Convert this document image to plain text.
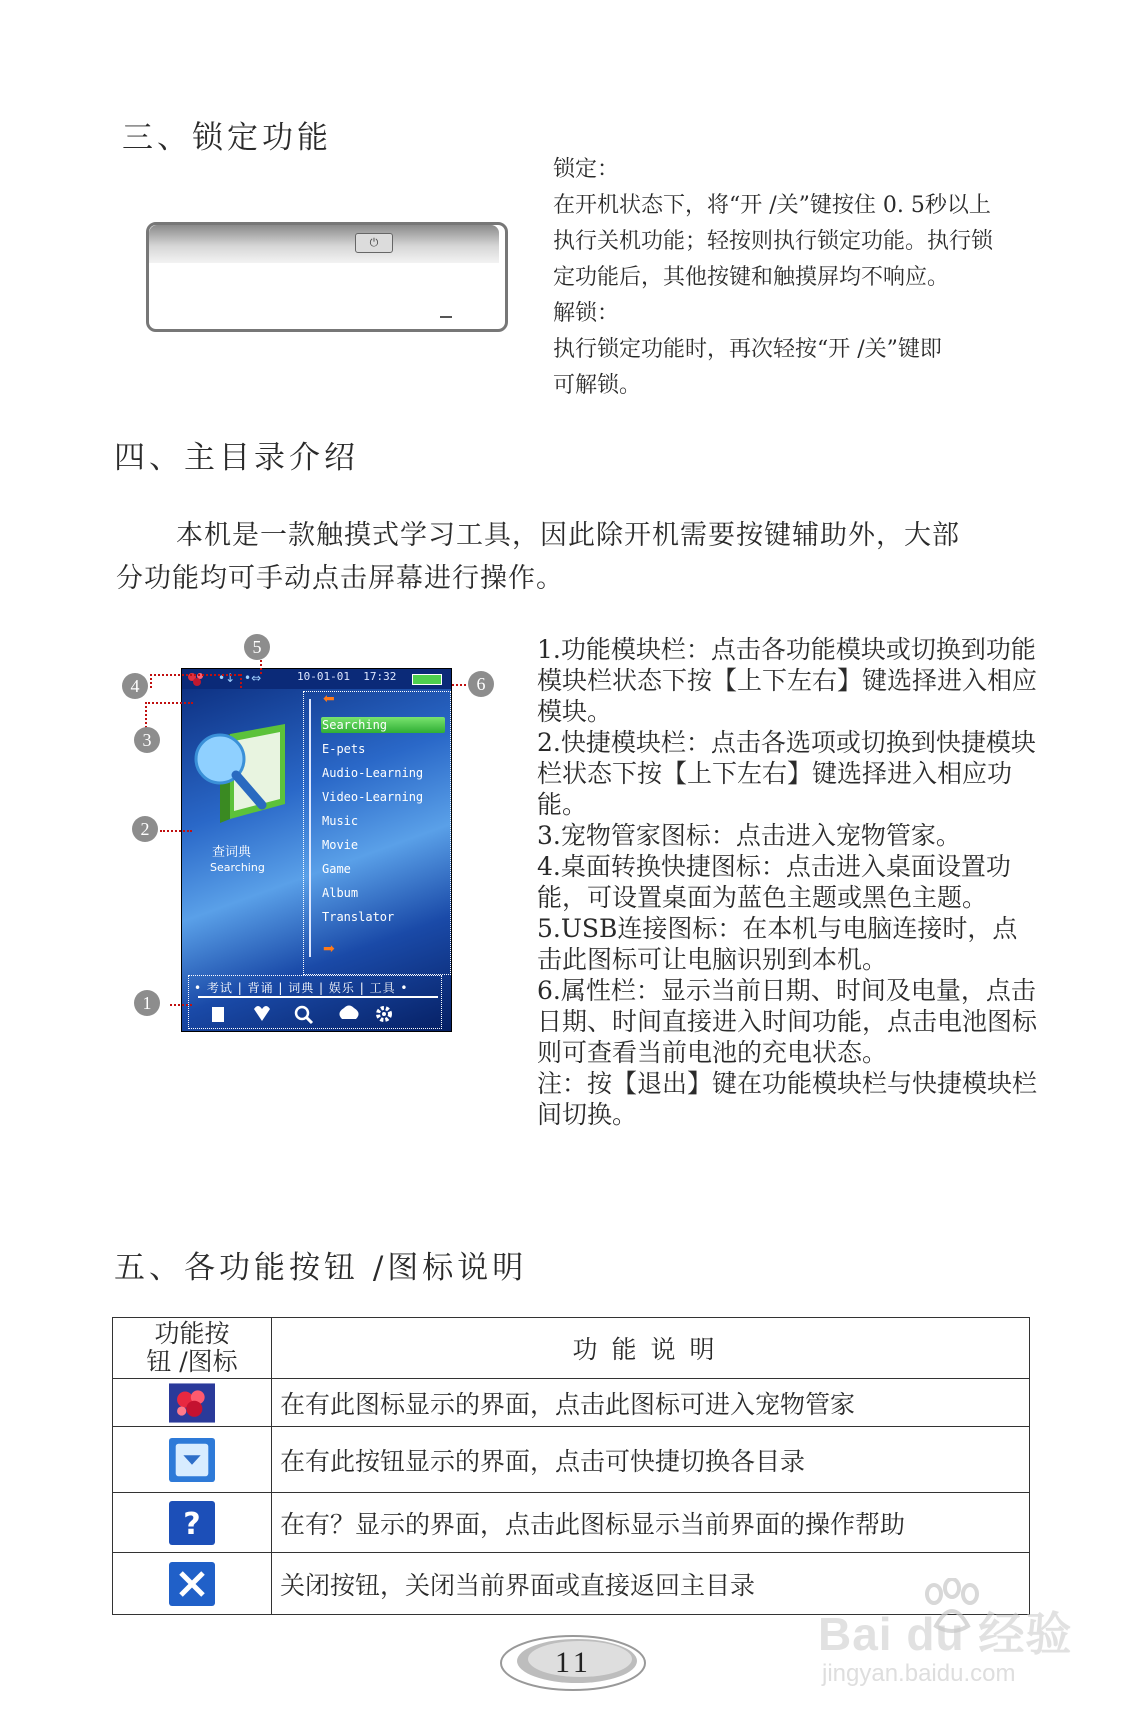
三、锁定功能
⏻
锁定：
在开机状态下，将“开 /关”键按住 0. 5秒以上
执行关机功能；轻按则执行锁定功能。执行锁
定功能后，其他按键和触摸屏均不响应。
解锁：
执行锁定功能时，再次轻按“开 /关”键即
可解锁。
四、主目录介绍
本机是一款触摸式学习工具，因此除开机需要按键辅助外，大部
分功能均可手动点击屏幕进行操作。
•↓ •⇔	10-01-01 17:32
⬅
Searching
E-pets
Audio-Learning
Video-Learning
Music
Movie
Game
Album
Translator
➡
查词典
Searching
• 考试 | 背诵 | 词典 | 娱乐 | 工具 •
1
2
3
4
5
6

1.功能模块栏：点击各功能模块或切换到功能模块栏状态下按【上下左右】键选择进入相应模块。

2.快捷模块栏：点击各选项或切换到快捷模块栏状态下按【上下左右】键选择进入相应功能。

3.宠物管家图标：点击进入宠物管家。

4.桌面转换快捷图标：点击进入桌面设置功能，可设置桌面为蓝色主题或黑色主题。

5.USB连接图标：在本机与电脑连接时，点击此图标可让电脑识别到本机。

6.属性栏：显示当前日期、时间及电量，点击日期、时间直接进入时间功能，点击电池图标则可查看当前电池的充电状态。

注：按【退出】键在功能模块栏与快捷模块栏间切换。

五、各功能按钮 /图标说明
功能按
钮 /图标	功能说明
	在有此图标显示的界面，点击此图标可进入宠物管家
	在有此按钮显示的界面，点击可快捷切换各目录

?	在有？显示的界面，点击此图标显示当前界面的操作帮助
	关闭按钮，关闭当前界面或直接返回主目录
11
Bai du 经验
jingyan.baidu.com
